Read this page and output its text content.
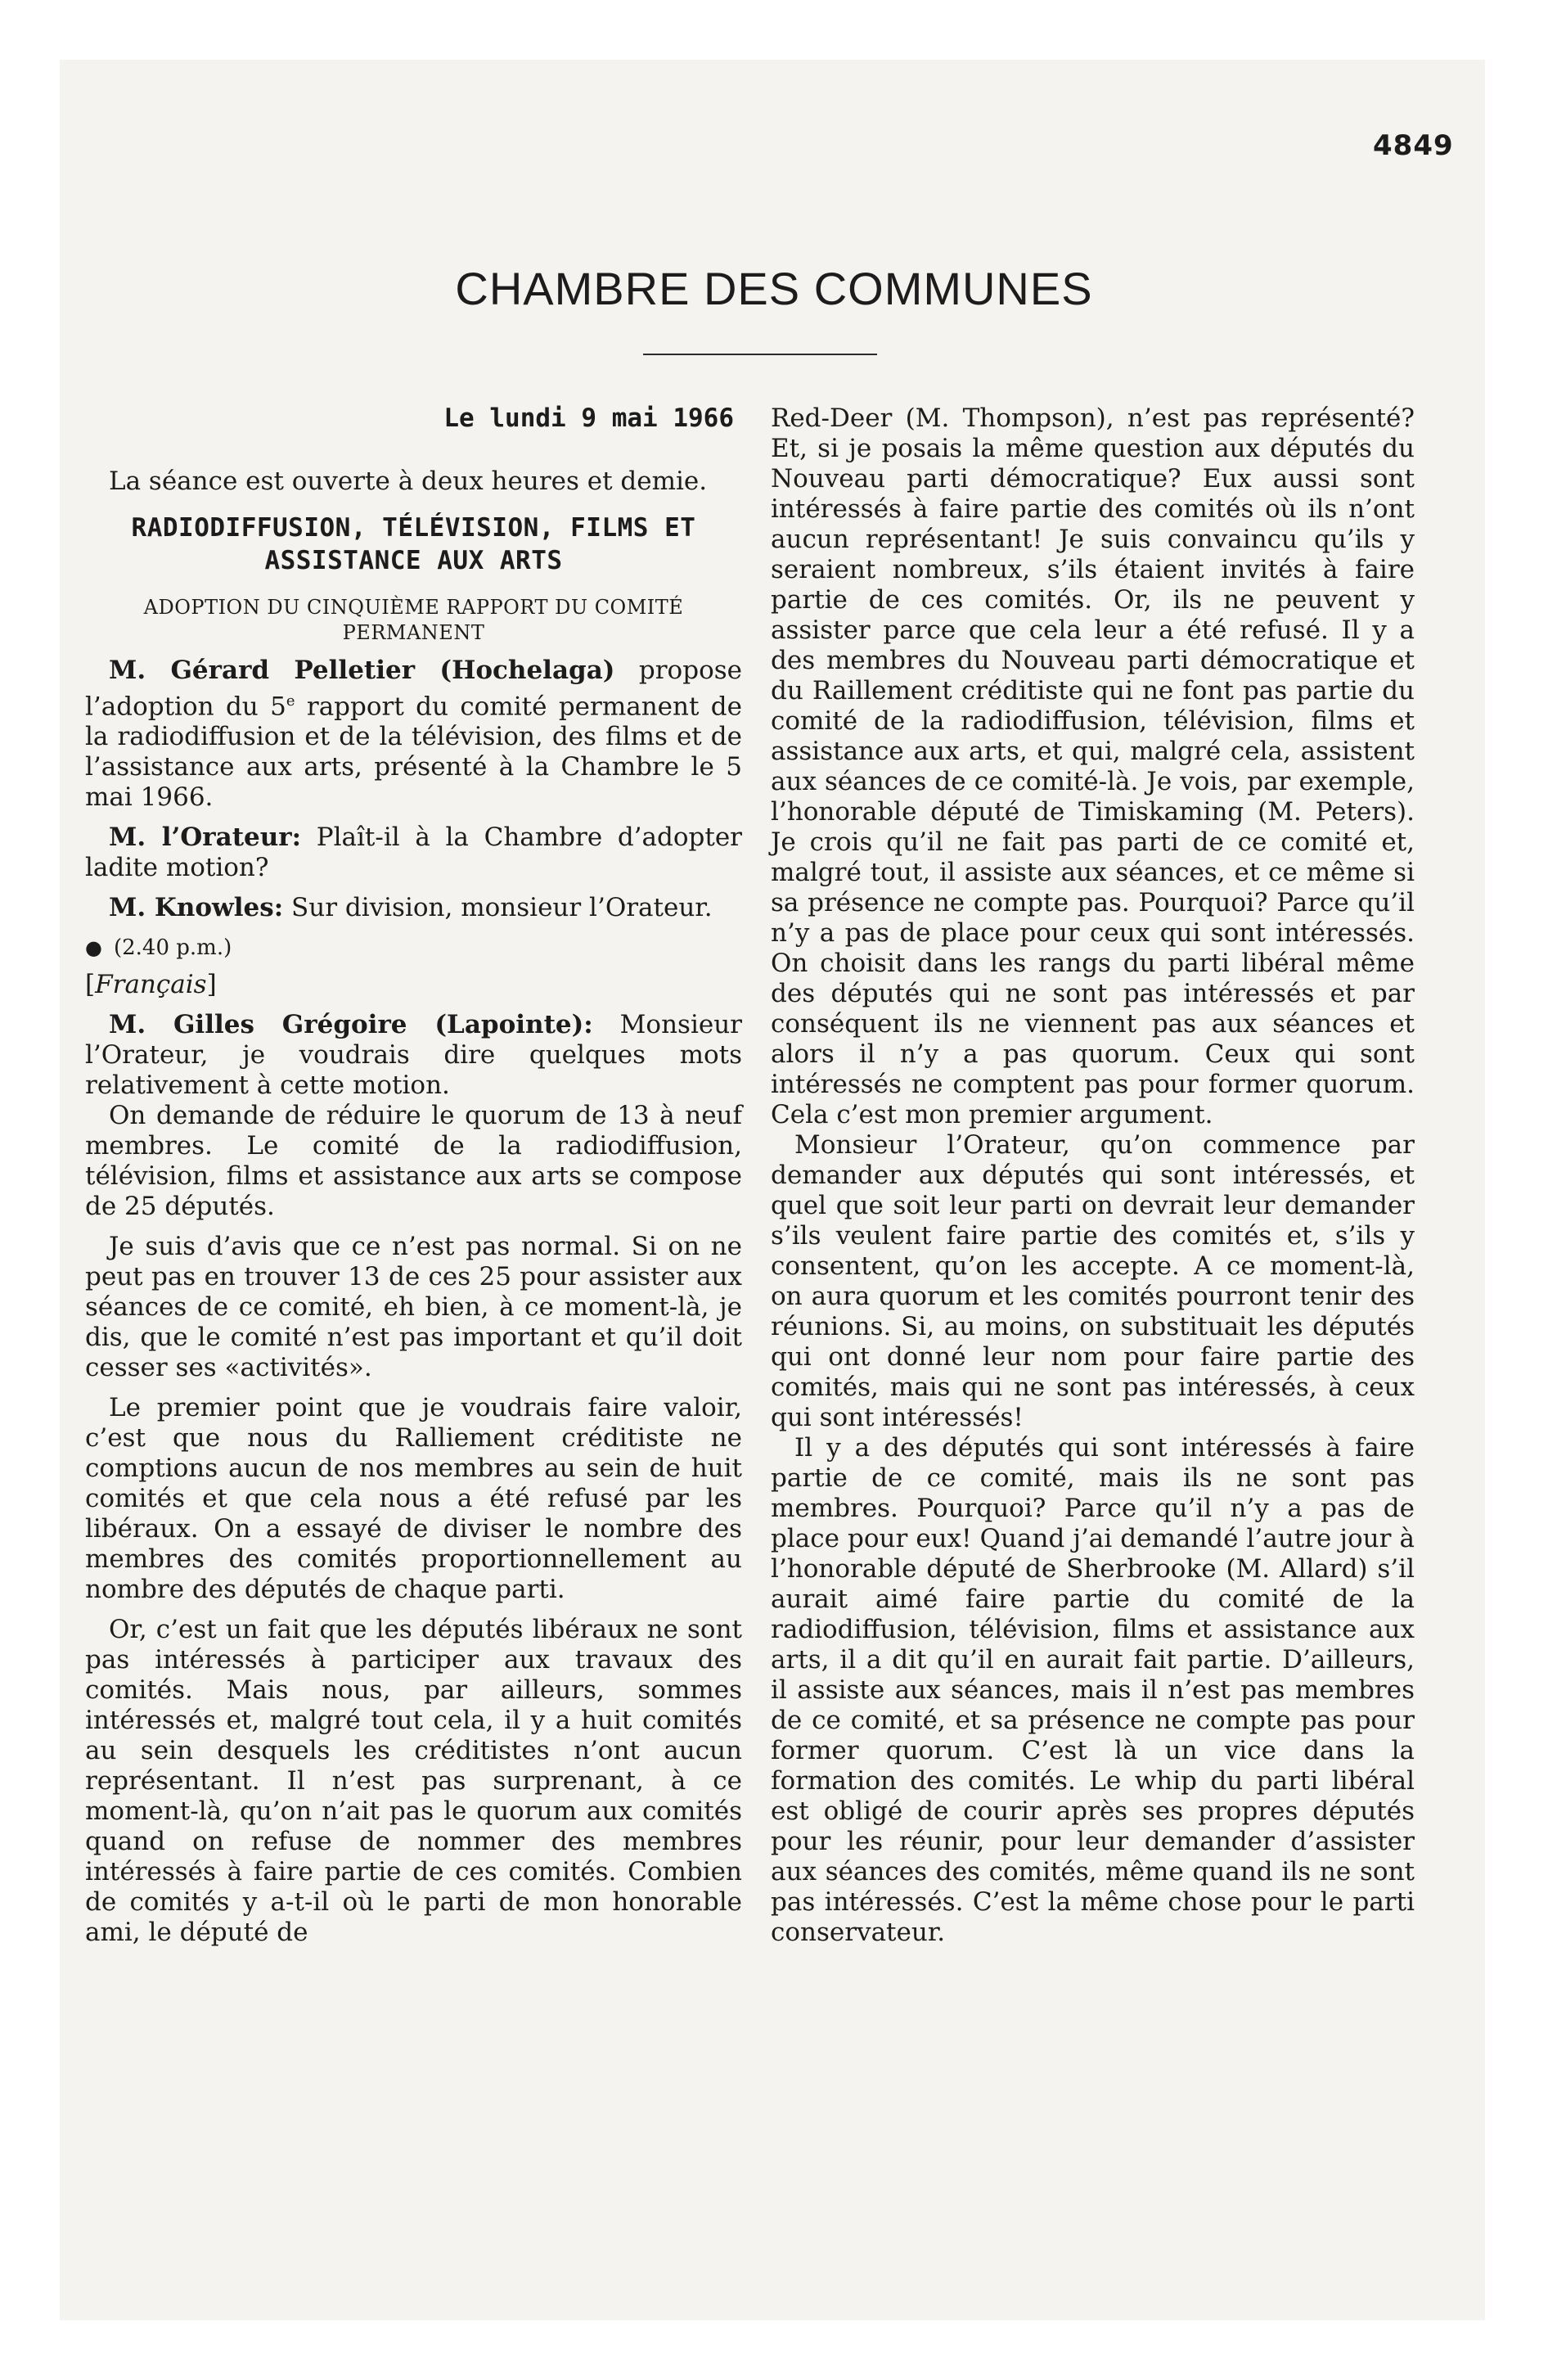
4849
CHAMBRE DES COMMUNES
Le lundi 9 mai 1966

La séance est ouverte à deux heures et demie.

RADIODIFFUSION, TÉLÉVISION, FILMS ET ASSISTANCE AUX ARTS
ADOPTION DU CINQUIÈME RAPPORT DU COMITÉ PERMANENT

M. Gérard Pelletier (Hochelaga) propose l’adoption du 5e rapport du comité permanent de la radiodiffusion et de la télévision, des films et de l’assistance aux arts, présenté à la Chambre le 5 mai 1966.

M. l’Orateur: Plaît-il à la Chambre d’adopter ladite motion?

M. Knowles: Sur division, monsieur l’Orateur.

● (2.40 p.m.)
[Français]

M. Gilles Grégoire (Lapointe): Monsieur l’Orateur, je voudrais dire quelques mots relativement à cette motion.

On demande de réduire le quorum de 13 à neuf membres. Le comité de la radiodiffusion, télévision, films et assistance aux arts se compose de 25 députés.

Je suis d’avis que ce n’est pas normal. Si on ne peut pas en trouver 13 de ces 25 pour assister aux séances de ce comité, eh bien, à ce moment-là, je dis, que le comité n’est pas important et qu’il doit cesser ses «activités».

Le premier point que je voudrais faire valoir, c’est que nous du Ralliement créditiste ne comptions aucun de nos membres au sein de huit comités et que cela nous a été refusé par les libéraux. On a essayé de diviser le nombre des membres des comités proportionnellement au nombre des députés de chaque parti.

Or, c’est un fait que les députés libéraux ne sont pas intéressés à participer aux travaux des comités. Mais nous, par ailleurs, sommes intéressés et, malgré tout cela, il y a huit comités au sein desquels les créditistes n’ont aucun représentant. Il n’est pas surprenant, à ce moment-là, qu’on n’ait pas le quorum aux comités quand on refuse de nommer des membres intéressés à faire partie de ces comités. Combien de comités y a-t-il où le parti de mon honorable ami, le député de

Red-Deer (M. Thompson), n’est pas représenté? Et, si je posais la même question aux députés du Nouveau parti démocratique? Eux aussi sont intéressés à faire partie des comités où ils n’ont aucun représentant! Je suis convaincu qu’ils y seraient nombreux, s’ils étaient invités à faire partie de ces comités. Or, ils ne peuvent y assister parce que cela leur a été refusé. Il y a des membres du Nouveau parti démocratique et du Raillement créditiste qui ne font pas partie du comité de la radiodiffusion, télévision, films et assistance aux arts, et qui, malgré cela, assistent aux séances de ce comité-là. Je vois, par exemple, l’honorable député de Timiskaming (M. Peters). Je crois qu’il ne fait pas parti de ce comité et, malgré tout, il assiste aux séances, et ce même si sa présence ne compte pas. Pourquoi? Parce qu’il n’y a pas de place pour ceux qui sont intéressés. On choisit dans les rangs du parti libéral même des députés qui ne sont pas intéressés et par conséquent ils ne viennent pas aux séances et alors il n’y a pas quorum. Ceux qui sont intéressés ne comptent pas pour former quorum. Cela c’est mon premier argument.

Monsieur l’Orateur, qu’on commence par demander aux députés qui sont intéressés, et quel que soit leur parti on devrait leur demander s’ils veulent faire partie des comités et, s’ils y consentent, qu’on les accepte. A ce moment-là, on aura quorum et les comités pourront tenir des réunions. Si, au moins, on substituait les députés qui ont donné leur nom pour faire partie des comités, mais qui ne sont pas intéressés, à ceux qui sont intéressés!

Il y a des députés qui sont intéressés à faire partie de ce comité, mais ils ne sont pas membres. Pourquoi? Parce qu’il n’y a pas de place pour eux! Quand j’ai demandé l’autre jour à l’honorable député de Sherbrooke (M. Allard) s’il aurait aimé faire partie du comité de la radiodiffusion, télévision, films et assistance aux arts, il a dit qu’il en aurait fait partie. D’ailleurs, il assiste aux séances, mais il n’est pas membres de ce comité, et sa présence ne compte pas pour former quorum. C’est là un vice dans la formation des comités. Le whip du parti libéral est obligé de courir après ses propres députés pour les réunir, pour leur demander d’assister aux séances des comités, même quand ils ne sont pas intéressés. C’est la même chose pour le parti conservateur.
